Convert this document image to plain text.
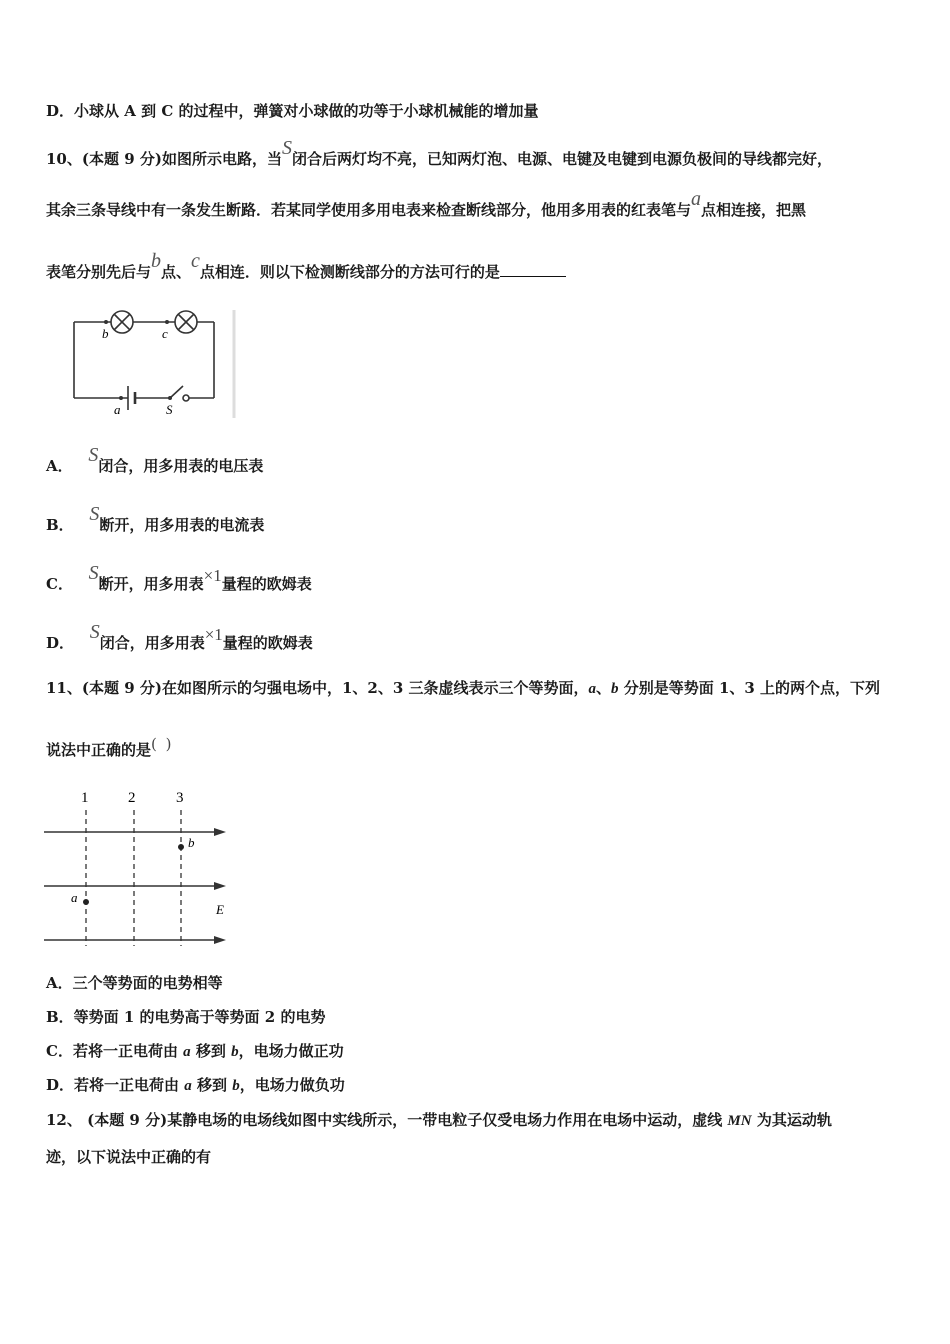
D．小球从 A 到 C 的过程中，弹簧对小球做的功等于小球机械能的增加量
10、(本题 9 分)如图所示电路，当S闭合后两灯均不亮，已知两灯泡、电源、电键及电键到电源负极间的导线都完好，
其余三条导线中有一条发生断路．若某同学使用多用电表来检查断线部分，他用多用表的红表笔与a点相连接，把黑
表笔分别先后与b点、c点相连．则以下检测断线部分的方法可行的是
b	c
a	S
A． S闭合，用多用表的电压表
B． S断开，用多用表的电流表
C． S断开，用多用表×1量程的欧姆表
D． S闭合，用多用表×1量程的欧姆表
11、(本题 9 分)在如图所示的匀强电场中，1、2、3 三条虚线表示三个等势面，a、b 分别是等势面 1、3 上的两个点，下列
说法中正确的是( )
1	2	3
b
a
E
A．三个等势面的电势相等
B．等势面 1 的电势高于等势面 2 的电势
C．若将一正电荷由 a 移到 b，电场力做正功
D．若将一正电荷由 a 移到 b，电场力做负功
12、 (本题 9 分)某静电场的电场线如图中实线所示，一带电粒子仅受电场力作用在电场中运动，虚线 MN 为其运动轨
迹，以下说法中正确的有
